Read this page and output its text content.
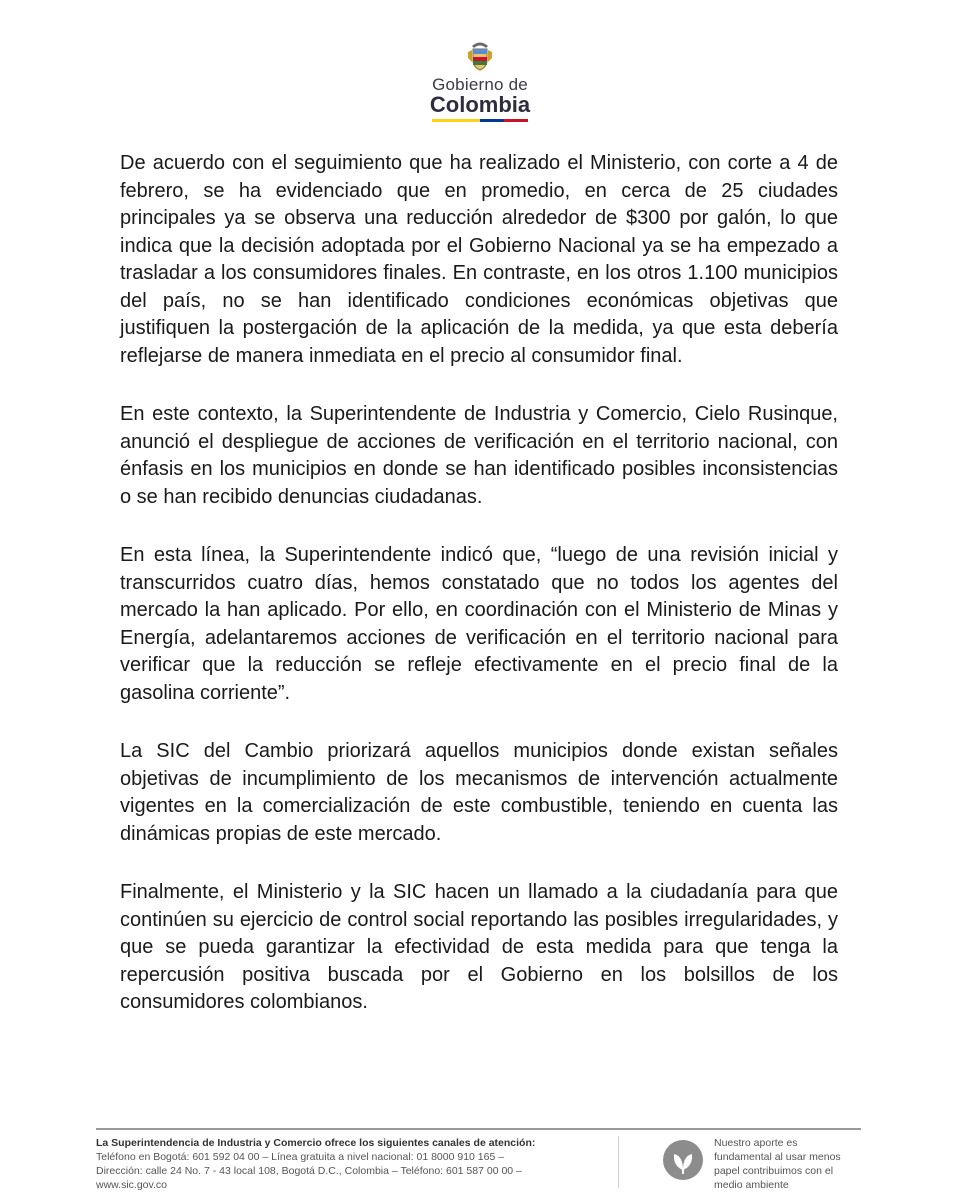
Gobierno de
Colombia

De acuerdo con el seguimiento que ha realizado el Ministerio, con corte a 4 de febrero, se ha evidenciado que en promedio, en cerca de 25 ciudades principales ya se observa una reducción alrededor de $300 por galón, lo que indica que la decisión adoptada por el Gobierno Nacional ya se ha empezado a trasladar a los consumidores finales. En contraste, en los otros 1.100 municipios del país, no se han identificado condiciones económicas objetivas que justifiquen la postergación de la aplicación de la medida, ya que esta debería reflejarse de manera inmediata en el precio al consumidor final.

En este contexto, la Superintendente de Industria y Comercio, Cielo Rusinque, anunció el despliegue de acciones de verificación en el territorio nacional, con énfasis en los municipios en donde se han identificado posibles inconsistencias o se han recibido denuncias ciudadanas.

En esta línea, la Superintendente indicó que, “luego de una revisión inicial y transcurridos cuatro días, hemos constatado que no todos los agentes del mercado la han aplicado. Por ello, en coordinación con el Ministerio de Minas y Energía, adelantaremos acciones de verificación en el territorio nacional para verificar que la reducción se refleje efectivamente en el precio final de la gasolina corriente”.

La SIC del Cambio priorizará aquellos municipios donde existan señales objetivas de incumplimiento de los mecanismos de intervención actualmente vigentes en la comercialización de este combustible, teniendo en cuenta las dinámicas propias de este mercado.

Finalmente, el Ministerio y la SIC hacen un llamado a la ciudadanía para que continúen su ejercicio de control social reportando las posibles irregularidades, y que se pueda garantizar la efectividad de esta medida para que tenga la repercusión positiva buscada por el Gobierno en los bolsillos de los consumidores colombianos.

La Superintendencia de Industria y Comercio ofrece los siguientes canales de atención:
Teléfono en Bogotá: 601 592 04 00 – Línea gratuita a nivel nacional: 01 8000 910 165 –
Dirección: calle 24 No. 7 - 43 local 108, Bogotá D.C., Colombia – Teléfono: 601 587 00 00 –
www.sic.gov.co
Nuestro aporte es
fundamental al usar menos
papel contribuimos con el
medio ambiente
